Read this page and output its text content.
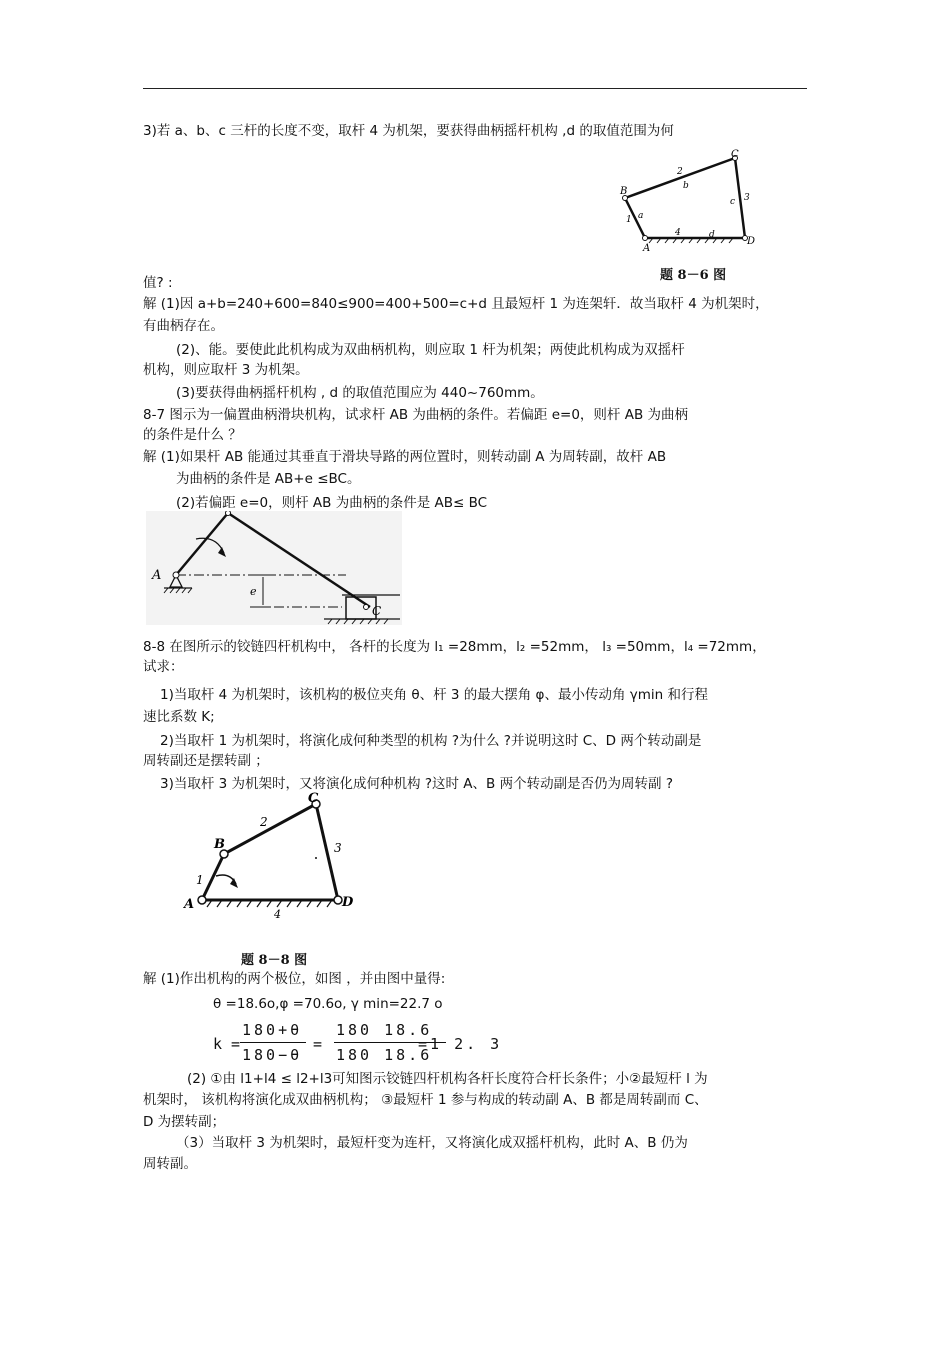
3)若 a、b、c 三杆的长度不变，取杆 4 为机架，要获得曲柄摇杆机构 ,d 的取值范围为何
A
B
C
D
1
2
3
4
a
b
c
d
题 8－6 图
值? :
解 (1)因 a+b=240+600=840≤900=400+500=c+d 且最短杆 1 为连架轩．故当取杆 4 为机架时，
有曲柄存在。
(2)、能。要使此此机构成为双曲柄机构，则应取 1 杆为机架；两使此机构成为双摇杆
机构，则应取杆 3 为机架。
(3)要获得曲柄摇杆机构 , d 的取值范围应为 440~760mm。
8-7 图示为一偏置曲柄滑块机构，试求杆 AB 为曲柄的条件。若偏距 e=0，则杆 AB 为曲柄
的条件是什么 ？
解 (1)如果杆 AB 能通过其垂直于滑块导路的两位置时，则转动副 A 为周转副，故杆 AB
为曲柄的条件是 AB+e ≤BC。
(2)若偏距 e=0，则杆 AB 为曲柄的条件是 AB≤ BC
e
A
C
8-8 在图所示的铰链四杆机构中， 各杆的长度为 l₁ =28mm，l₂ =52mm， l₃ =50mm，l₄ =72mm，
试求：
1)当取杆 4 为机架时，该机构的极位夹角 θ、杆 3 的最大摆角 φ、最小传动角 γmin 和行程
速比系数 K;
2)当取杆 1 为机架时，将演化成何种类型的机构 ?为什么 ?并说明这时 C、D 两个转动副是
周转副还是摆转副 ；
3)当取杆 3 为机架时，又将演化成何种机构 ?这时 A、B 两个转动副是否仍为周转副 ?
A
B
C
D
1
2
3
4
题 8－8 图
解 (1)作出机构的两个极位，如图 ，并由图中量得:
θ =18.6o,φ =70.6o, γ min=22.7 o
k =
180+θ
180−θ
=
180 18.6
180 18.6
=1 2. 3
(2) ①由 l1+l4 ≤ l2+l3可知图示铰链四杆机构各杆长度符合杆长条件；小②最短杆 l 为
机架时， 该机构将演化成双曲柄机构； ③最短杆 1 参与构成的转动副 A、B 都是周转副而 C、
D 为摆转副；
（3）当取杆 3 为机架时，最短杆变为连杆，又将演化成双摇杆机构，此时 A、B 仍为
周转副。
